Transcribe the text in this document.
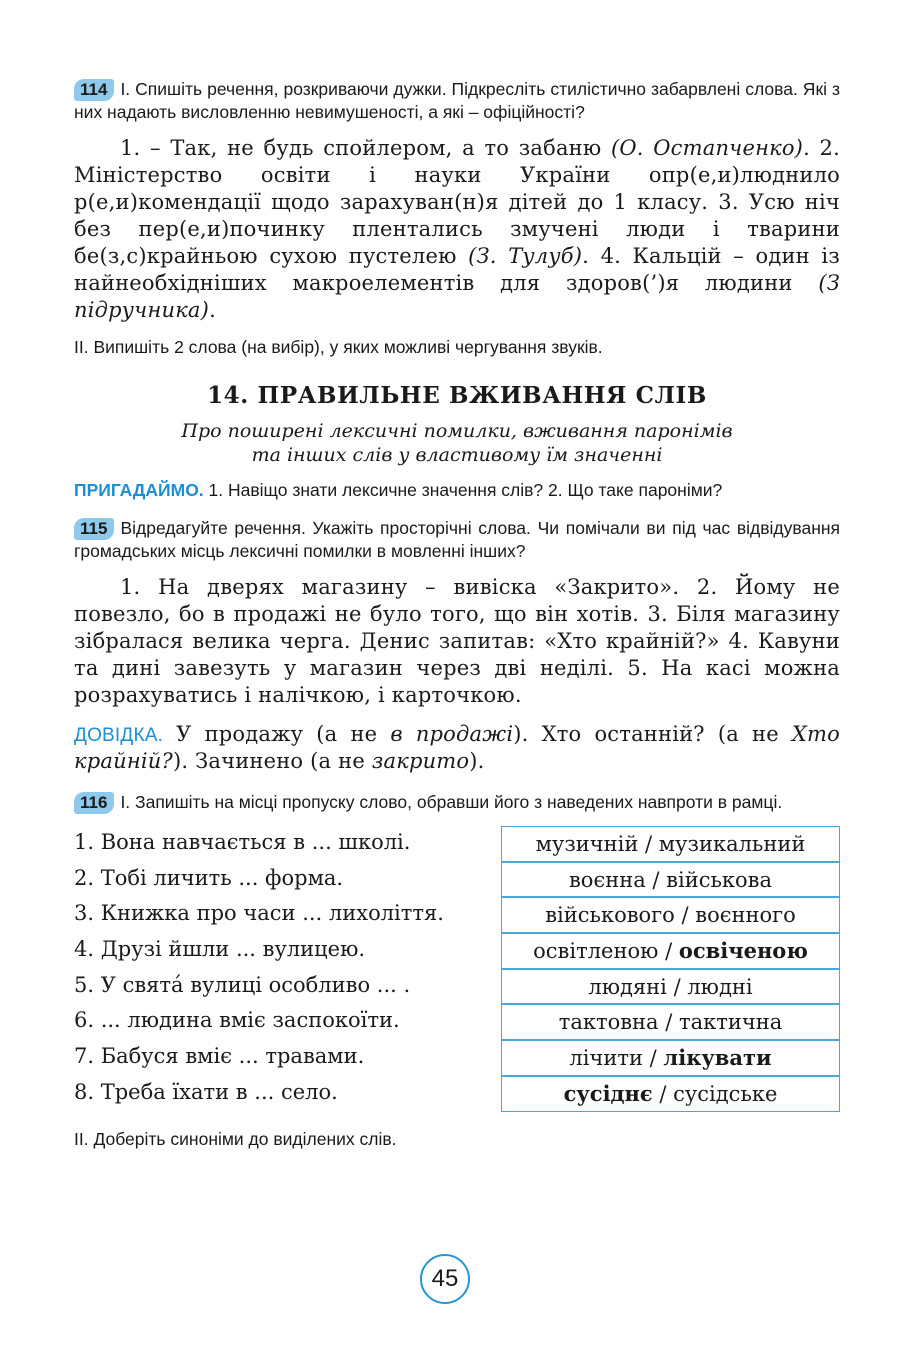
114 І. Спишіть речення, розкриваючи дужки. Підкресліть стилістично забарвлені слова. Які з них надають висловленню невимушеності, а які – офіційності?
1. – Так, не будь спойлером, а то забаню (О. Остапченко). 2. Міністерство освіти і науки України опр(е,и)люднило р(е,и)комендації щодо зарахуван(н)я дітей до 1 класу. 3. Усю ніч без пер(е,и)починку плентались змучені люди і тварини бе(з,с)крайньою сухою пустелею (З. Тулуб). 4. Кальцій – один із найнеобхідніших макроелементів для здоров(’)я людини (З підручника).
ІІ. Випишіть 2 слова (на вибір), у яких можливі чергування звуків.
14. ПРАВИЛЬНЕ ВЖИВАННЯ СЛІВ
Про поширені лексичні помилки, вживання паронімів
та інших слів у властивому їм значенні
ПРИГАДАЙМО. 1. Навіщо знати лексичне значення слів? 2. Що таке пароніми?
115 Відредагуйте речення. Укажіть просторічні слова. Чи помічали ви під час відвідування громадських місць лексичні помилки в мовленні інших?
1. На дверях магазину – вивіска «Закрито». 2. Йому не повезло, бо в продажі не було того, що він хотів. 3. Біля магазину зібралася велика черга. Денис запитав: «Хто крайній?» 4. Кавуни та дині завезуть у магазин через дві неділі. 5. На касі можна розрахуватись і налічкою, і карточкою.
ДОВІДКА. У продажу (а не в продажі). Хто останній? (а не Хто крайній?). Зачинено (а не закрито).
116 І. Запишіть на місці пропуску слово, обравши його з наведених навпроти в рамці.
1. Вона навчається в ... школі.	музичній / музикальний
2. Тобі личить ... форма.	воєнна / військова
3. Книжка про часи ... лихоліття.	військового / воєнного
4. Друзі йшли ... вулицею.	освітленою / освіченою
5. У свята́ вулиці особливо ... .	людяні / людні
6. ... людина вміє заспокоїти.	тактовна / тактична
7. Бабуся вміє ... травами.	лічити / лікувати
8. Треба їхати в ... село.	сусіднє / сусідське
ІІ. Доберіть синоніми до виділених слів.
45
